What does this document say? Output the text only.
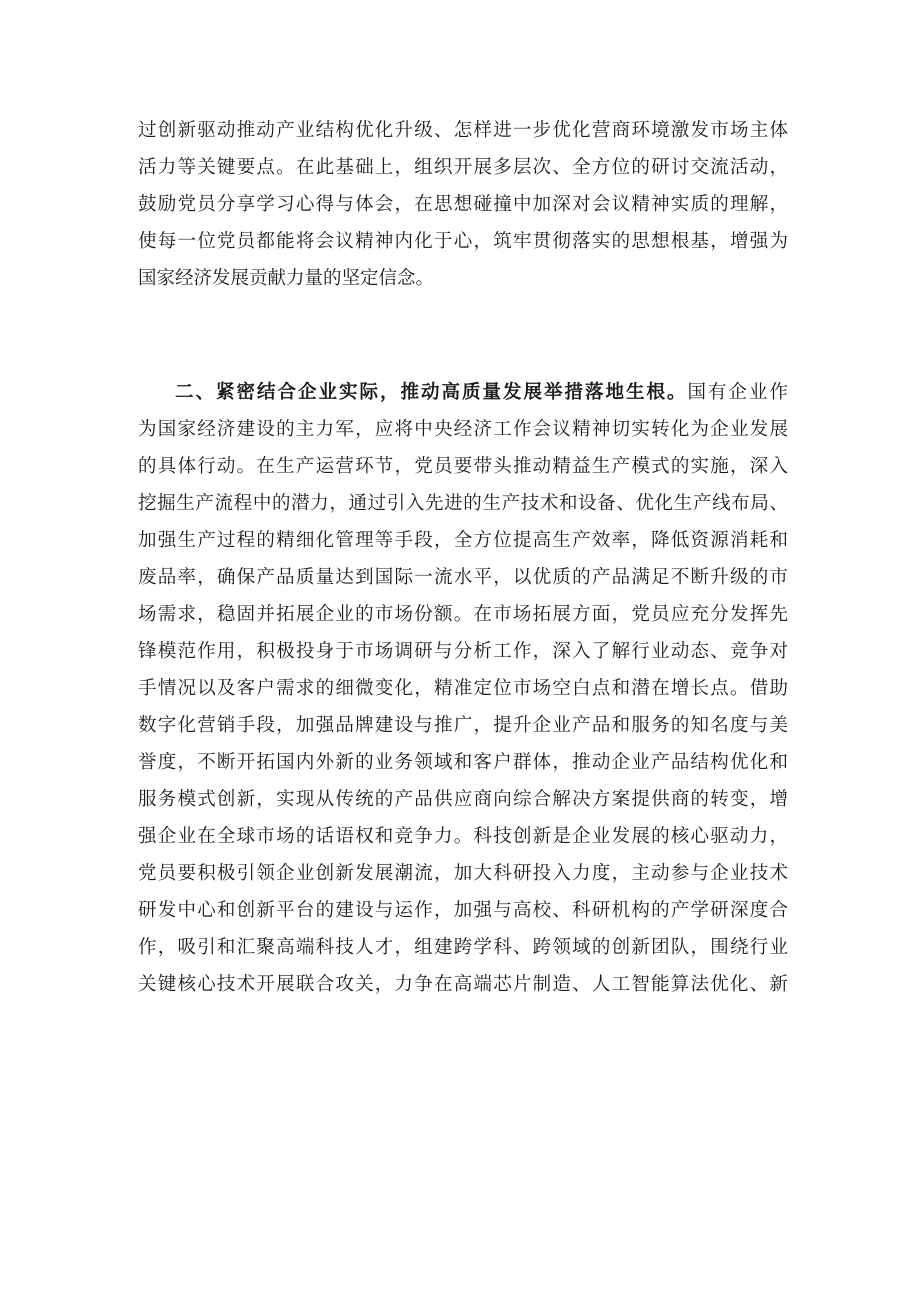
过创新驱动推动产业结构优化升级、怎样进一步优化营商环境激发市场主体
活力等关键要点。在此基础上，组织开展多层次、全方位的研讨交流活动，
鼓励党员分享学习心得与体会，在思想碰撞中加深对会议精神实质的理解，
使每一位党员都能将会议精神内化于心，筑牢贯彻落实的思想根基，增强为
国家经济发展贡献力量的坚定信念。
二、紧密结合企业实际，推动高质量发展举措落地生根。国有企业作
为国家经济建设的主力军，应将中央经济工作会议精神切实转化为企业发展
的具体行动。在生产运营环节，党员要带头推动精益生产模式的实施，深入
挖掘生产流程中的潜力，通过引入先进的生产技术和设备、优化生产线布局、
加强生产过程的精细化管理等手段，全方位提高生产效率，降低资源消耗和
废品率，确保产品质量达到国际一流水平，以优质的产品满足不断升级的市
场需求，稳固并拓展企业的市场份额。在市场拓展方面，党员应充分发挥先
锋模范作用，积极投身于市场调研与分析工作，深入了解行业动态、竞争对
手情况以及客户需求的细微变化，精准定位市场空白点和潜在增长点。借助
数字化营销手段，加强品牌建设与推广，提升企业产品和服务的知名度与美
誉度，不断开拓国内外新的业务领域和客户群体，推动企业产品结构优化和
服务模式创新，实现从传统的产品供应商向综合解决方案提供商的转变，增
强企业在全球市场的话语权和竞争力。科技创新是企业发展的核心驱动力，
党员要积极引领企业创新发展潮流，加大科研投入力度，主动参与企业技术
研发中心和创新平台的建设与运作，加强与高校、科研机构的产学研深度合
作，吸引和汇聚高端科技人才，组建跨学科、跨领域的创新团队，围绕行业
关键核心技术开展联合攻关，力争在高端芯片制造、人工智能算法优化、新
